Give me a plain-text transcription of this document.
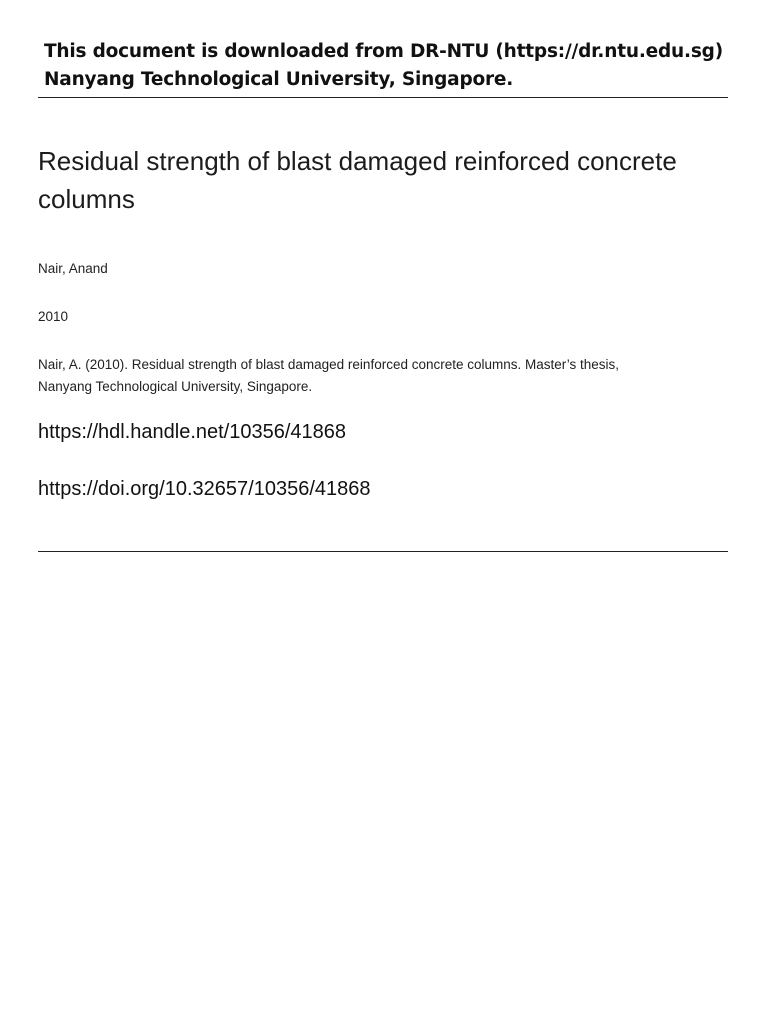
This document is downloaded from DR‑NTU (https://dr.ntu.edu.sg)
Nanyang Technological University, Singapore.
Residual strength of blast damaged reinforced concrete columns
Nair, Anand
2010
Nair, A. (2010). Residual strength of blast damaged reinforced concrete columns. Master’s thesis, Nanyang Technological University, Singapore.
https://hdl.handle.net/10356/41868
https://doi.org/10.32657/10356/41868
